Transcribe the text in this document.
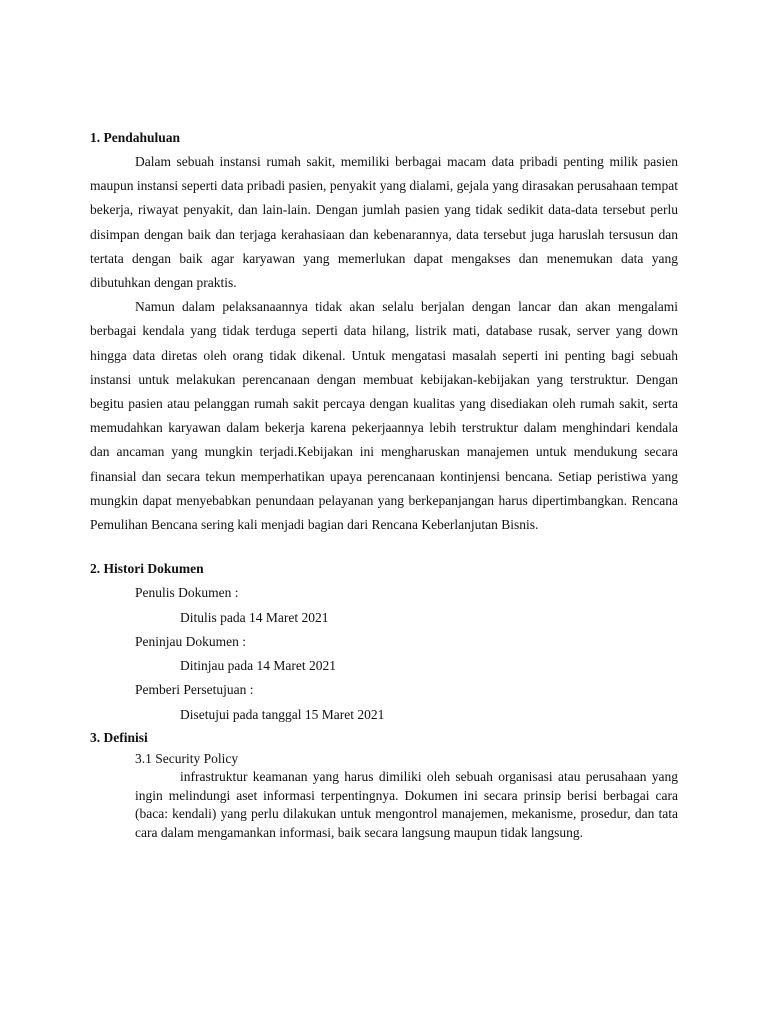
1. Pendahuluan

Dalam sebuah instansi rumah sakit, memiliki berbagai macam data pribadi penting milik pasien maupun instansi seperti data pribadi pasien, penyakit yang dialami, gejala yang dirasakan perusahaan tempat bekerja, riwayat penyakit, dan lain-lain. Dengan jumlah pasien yang tidak sedikit data-data tersebut perlu disimpan dengan baik dan terjaga kerahasiaan dan kebenarannya, data tersebut juga haruslah tersusun dan tertata dengan baik agar karyawan yang memerlukan dapat mengakses dan menemukan data yang dibutuhkan dengan praktis.

Namun dalam pelaksanaannya tidak akan selalu berjalan dengan lancar dan akan mengalami berbagai kendala yang tidak terduga seperti data hilang, listrik mati, database rusak, server yang down hingga data diretas oleh orang tidak dikenal. Untuk mengatasi masalah seperti ini penting bagi sebuah instansi untuk melakukan perencanaan dengan membuat kebijakan-kebijakan yang terstruktur. Dengan begitu pasien atau pelanggan rumah sakit percaya dengan kualitas yang disediakan oleh rumah sakit, serta memudahkan karyawan dalam bekerja karena pekerjaannya lebih terstruktur dalam menghindari kendala dan ancaman yang mungkin terjadi.Kebijakan ini mengharuskan manajemen untuk mendukung secara finansial dan secara tekun memperhatikan upaya perencanaan kontinjensi bencana. Setiap peristiwa yang mungkin dapat menyebabkan penundaan pelayanan yang berkepanjangan harus dipertimbangkan. Rencana Pemulihan Bencana sering kali menjadi bagian dari Rencana Keberlanjutan Bisnis.

2. Histori Dokumen

Penulis Dokumen :

Ditulis pada 14 Maret 2021

Peninjau Dokumen :

Ditinjau pada 14 Maret 2021

Pemberi Persetujuan :

Disetujui pada tanggal 15 Maret 2021

3. Definisi

3.1 Security Policy

infrastruktur keamanan yang harus dimiliki oleh sebuah organisasi atau perusahaan yang ingin melindungi aset informasi terpentingnya. Dokumen ini secara prinsip berisi berbagai cara (baca: kendali) yang perlu dilakukan untuk mengontrol manajemen, mekanisme, prosedur, dan tata cara dalam mengamankan informasi, baik secara langsung maupun tidak langsung.
